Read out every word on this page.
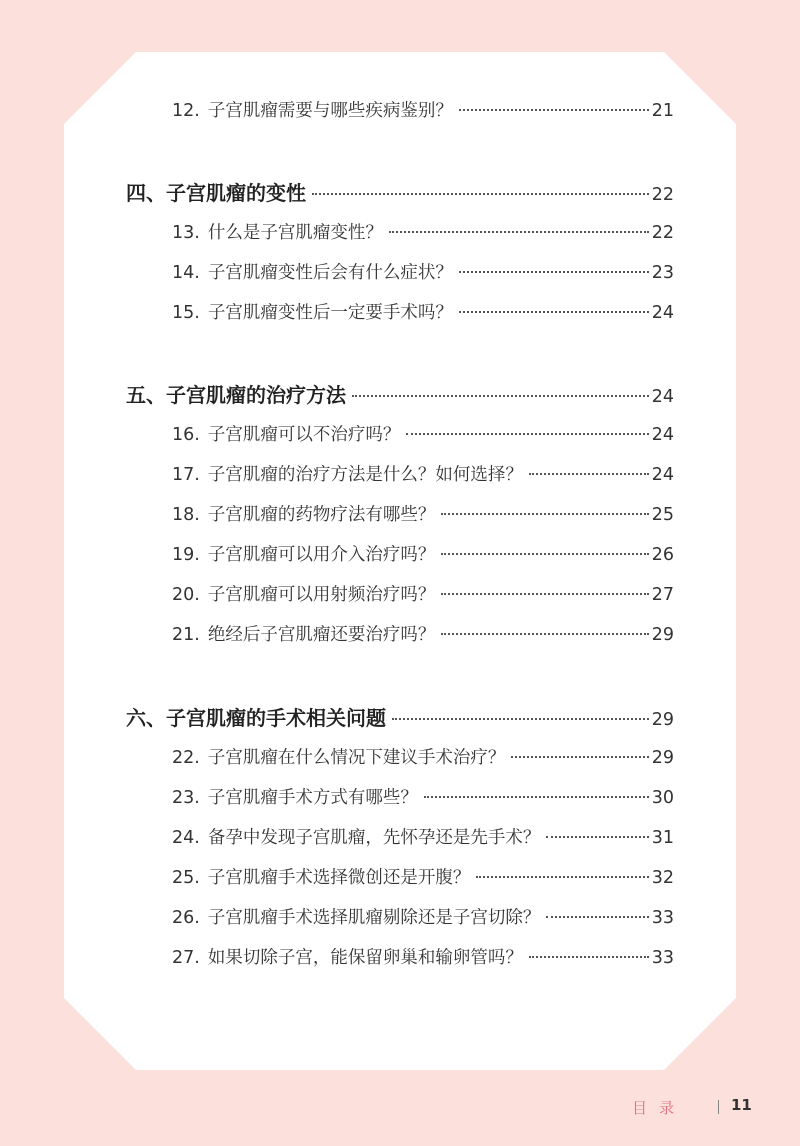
12. 子宫肌瘤需要与哪些疾病鉴别？	21
四、子宫肌瘤的变性	22
13. 什么是子宫肌瘤变性？	22
14. 子宫肌瘤变性后会有什么症状？	23
15. 子宫肌瘤变性后一定要手术吗？	24
五、子宫肌瘤的治疗方法	24
16. 子宫肌瘤可以不治疗吗？	24
17. 子宫肌瘤的治疗方法是什么？如何选择？	24
18. 子宫肌瘤的药物疗法有哪些？	25
19. 子宫肌瘤可以用介入治疗吗？	26
20. 子宫肌瘤可以用射频治疗吗？	27
21. 绝经后子宫肌瘤还要治疗吗？	29
六、子宫肌瘤的手术相关问题	29
22. 子宫肌瘤在什么情况下建议手术治疗？	29
23. 子宫肌瘤手术方式有哪些？	30
24. 备孕中发现子宫肌瘤，先怀孕还是先手术？	31
25. 子宫肌瘤手术选择微创还是开腹？	32
26. 子宫肌瘤手术选择肌瘤剔除还是子宫切除？	33
27. 如果切除子宫，能保留卵巢和输卵管吗？	33
目录	11
